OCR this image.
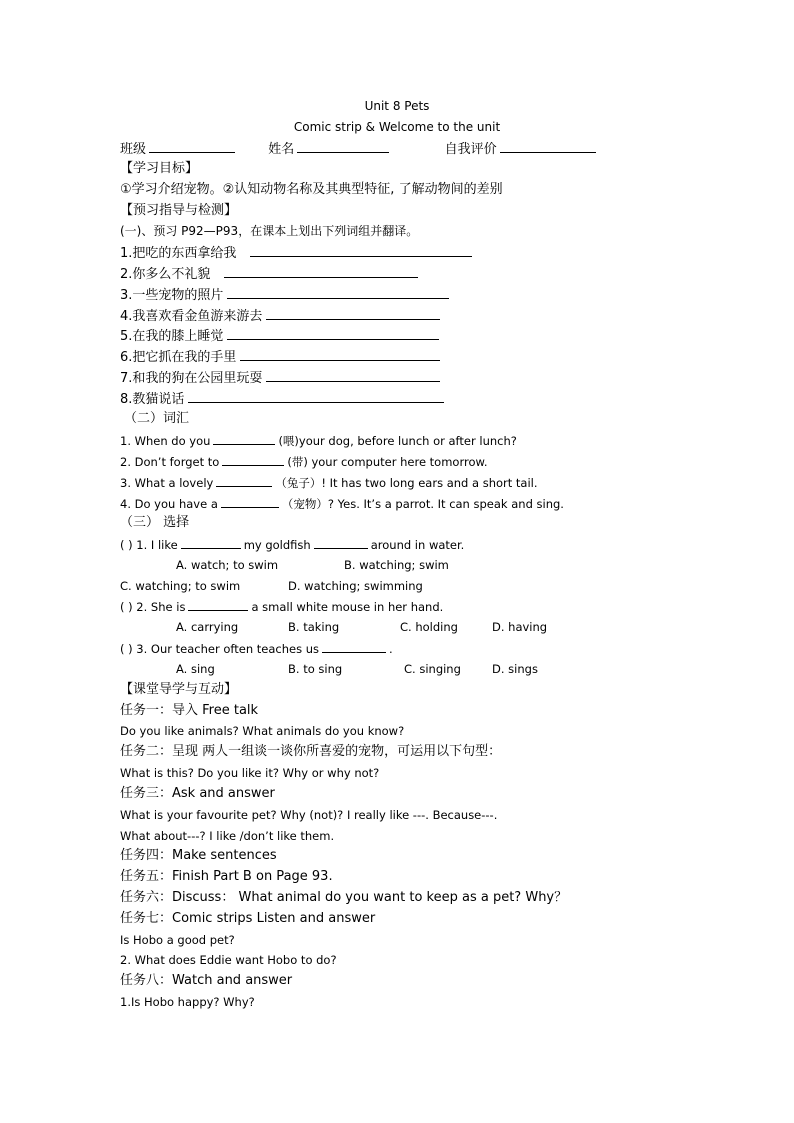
Unit 8 Pets
Comic strip & Welcome to the unit
班级	姓名	自我评价
【学习目标】
①学习介绍宠物。②认知动物名称及其典型特征, 了解动物间的差别
【预习指导与检测】
(一)、预习 P92—P93，在课本上划出下列词组并翻译。
1.把吃的东西拿给我
2.你多么不礼貌
3.一些宠物的照片
4.我喜欢看金鱼游来游去
5.在我的膝上睡觉
6.把它抓在我的手里
7.和我的狗在公园里玩耍
8.教猫说话
（二）词汇
1. When do you	(喂)your dog, before lunch or after lunch?
2. Don’t forget to	(带) your computer here tomorrow.
3. What a lovely	（兔子）! It has two long ears and a short tail.
4. Do you have a	（宠物）? Yes. It’s a parrot. It can speak and sing.
（三） 选择
( ) 1. I like	my goldfish	around in water.
A. watch; to swim	B. watching; swim
C. watching; to swim	D. watching; swimming
( ) 2. She is	a small white mouse in her hand.
A. carrying	B. taking	C. holding	D. having
( ) 3. Our teacher often teaches us	.
A. sing	B. to sing	C. singing	D. sings
【课堂导学与互动】
任务一：导入 Free talk
Do you like animals? What animals do you know?
任务二：呈现 两人一组谈一谈你所喜爱的宠物，可运用以下句型：
What is this? Do you like it? Why or why not?
任务三：Ask and answer
What is your favourite pet? Why (not)? I really like ---. Because---.
What about---? I like /don’t like them.
任务四：Make sentences
任务五：Finish Part B on Page 93.
任务六：Discuss： What animal do you want to keep as a pet? Why？
任务七：Comic strips Listen and answer
Is Hobo a good pet?
2. What does Eddie want Hobo to do?
任务八：Watch and answer
1.Is Hobo happy? Why?
